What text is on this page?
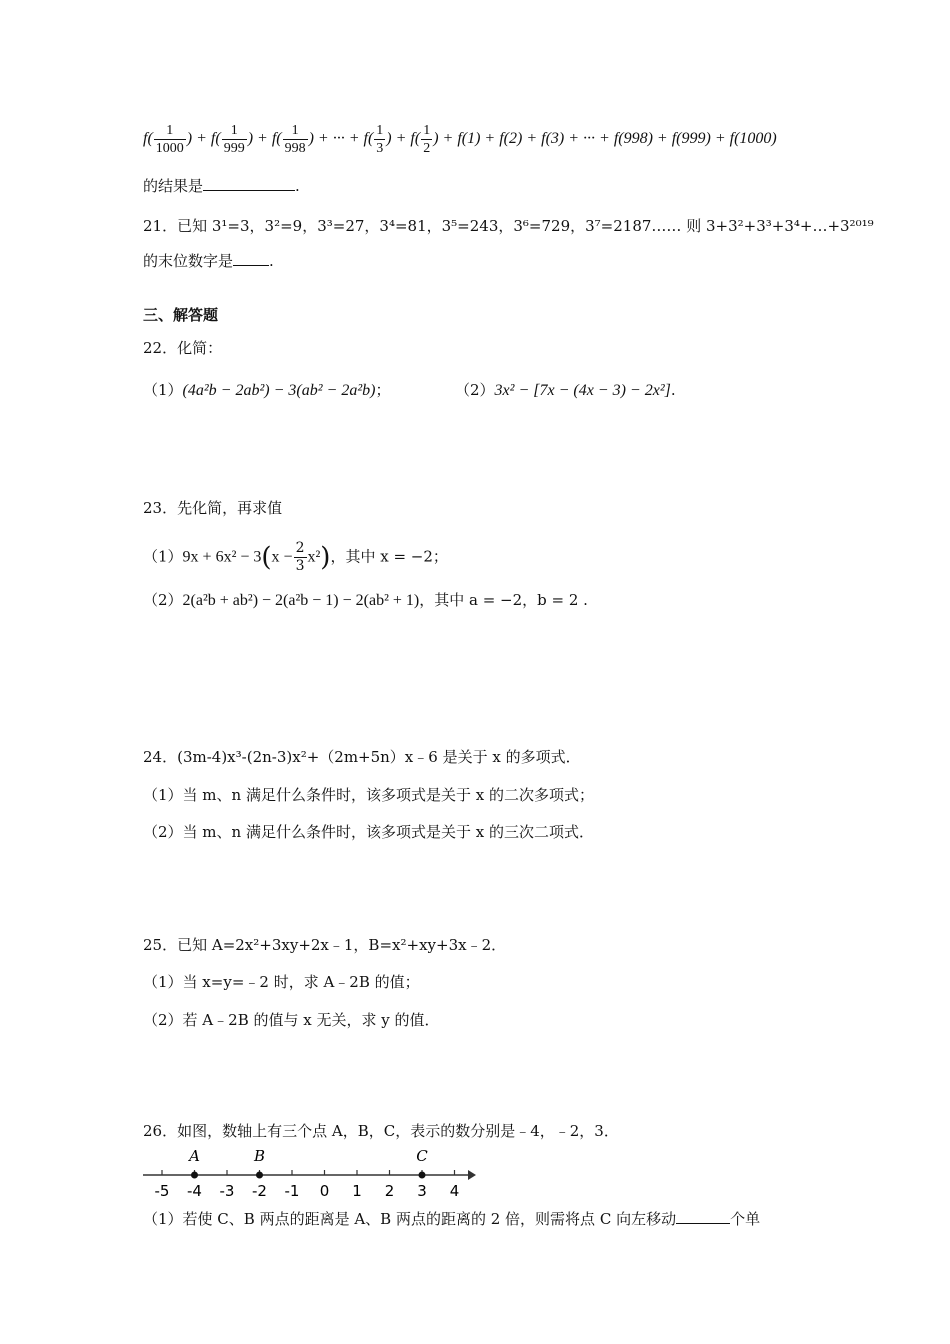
$f( \frac{1}{1000}$ ) + $f( \frac{1}{999}$ ) + $f( \frac{1}{998}$ ) + ··· + $f( \frac{1}{3}$ ) + $f( \frac{1}{2}$ ) + f(1) + f(2) + f(3) + ··· + f(998) + f(999) + f(1000)
的结果是	.
21．已知 3¹=3，3²=9，3³=27，3⁴=81，3⁵=243，3⁶=729，3⁷=2187…… 则 3+3²+3³+3⁴+…+3²⁰¹⁹
的末位数字是 .
三、解答题
22．化简：
（1）(4a²b − 2ab²) − 3(ab² − 2a²b)；	（2）3x² − [7x − (4x − 3) − 2x²].
23．先化简，再求值
$(1)9x + 6x^2 - 3(x - \frac{2}{3} x^2)$，其中 x = −2；
（2）2(a²b + ab²) − 2(a²b − 1) − 2(ab² + 1)，其中 a = −2，b = 2 .
24．(3m-4)x³-(2n-3)x²+（2m+5n）x﹣6 是关于 x 的多项式．
（1）当 m、n 满足什么条件时，该多项式是关于 x 的二次多项式；
（2）当 m、n 满足什么条件时，该多项式是关于 x 的三次二项式．
25．已知 A=2x²+3xy+2x﹣1，B=x²+xy+3x﹣2．
（1）当 x=y=﹣2 时，求 A﹣2B 的值；
（2）若 A﹣2B 的值与 x 无关，求 y 的值．
26．如图，数轴上有三个点 A，B，C，表示的数分别是﹣4，﹣2，3．
-5 -4 -3 -2 -1 0 1 2 3 4
A	B	C
（1）若使 C、B 两点的距离是 A、B 两点的距离的 2 倍，则需将点 C 向左移动	个单
